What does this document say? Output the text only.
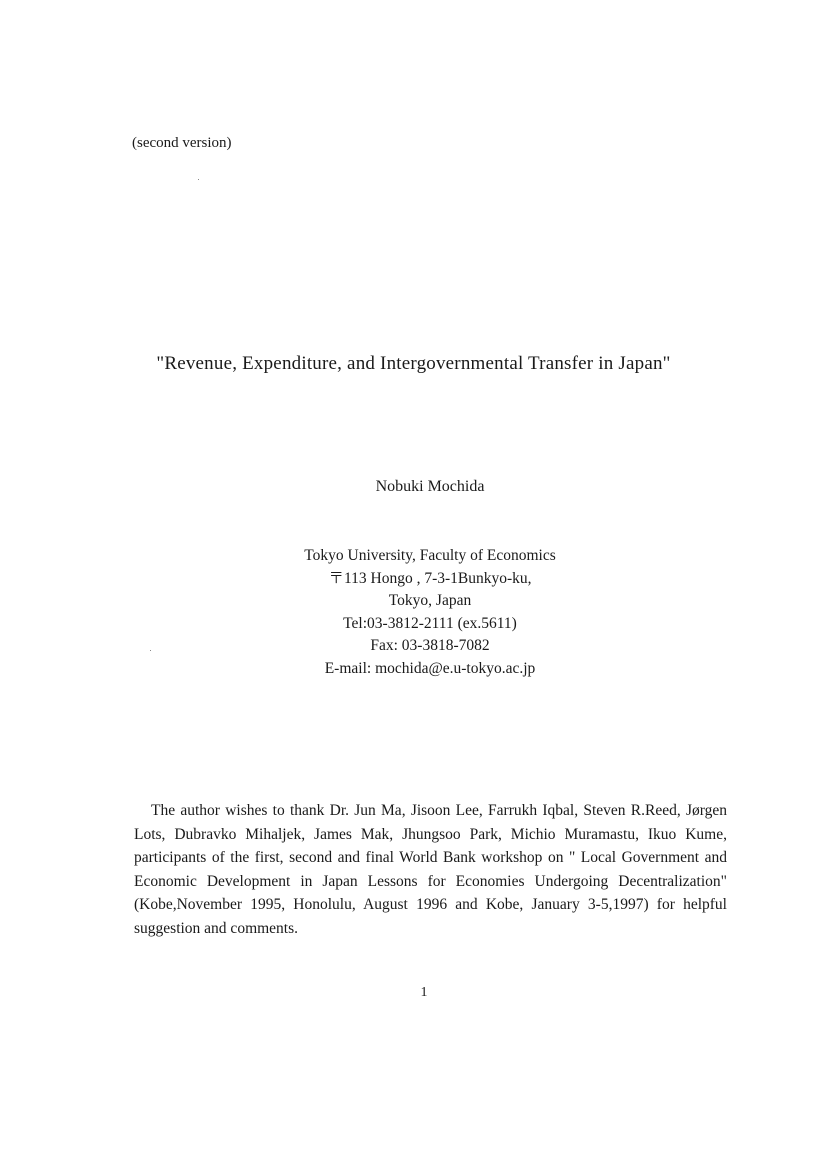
(second version)
"Revenue, Expenditure, and Intergovernmental Transfer in Japan"
Nobuki Mochida
Tokyo University, Faculty of Economics
〒113 Hongo , 7-3-1Bunkyo-ku,
Tokyo, Japan
Tel:03-3812-2111 (ex.5611)
Fax: 03-3818-7082
E-mail: mochida@e.u-tokyo.ac.jp
The author wishes to thank Dr. Jun Ma, Jisoon Lee, Farrukh Iqbal, Steven R.Reed, Jørgen Lots, Dubravko Mihaljek, James Mak, Jhungsoo Park, Michio Muramastu, Ikuo Kume, participants of the first, second and final World Bank workshop on " Local Government and Economic Development in Japan Lessons for Economies Undergoing Decentralization"(Kobe,November 1995, Honolulu, August 1996 and Kobe, January 3-5,1997) for helpful suggestion and comments.
1
